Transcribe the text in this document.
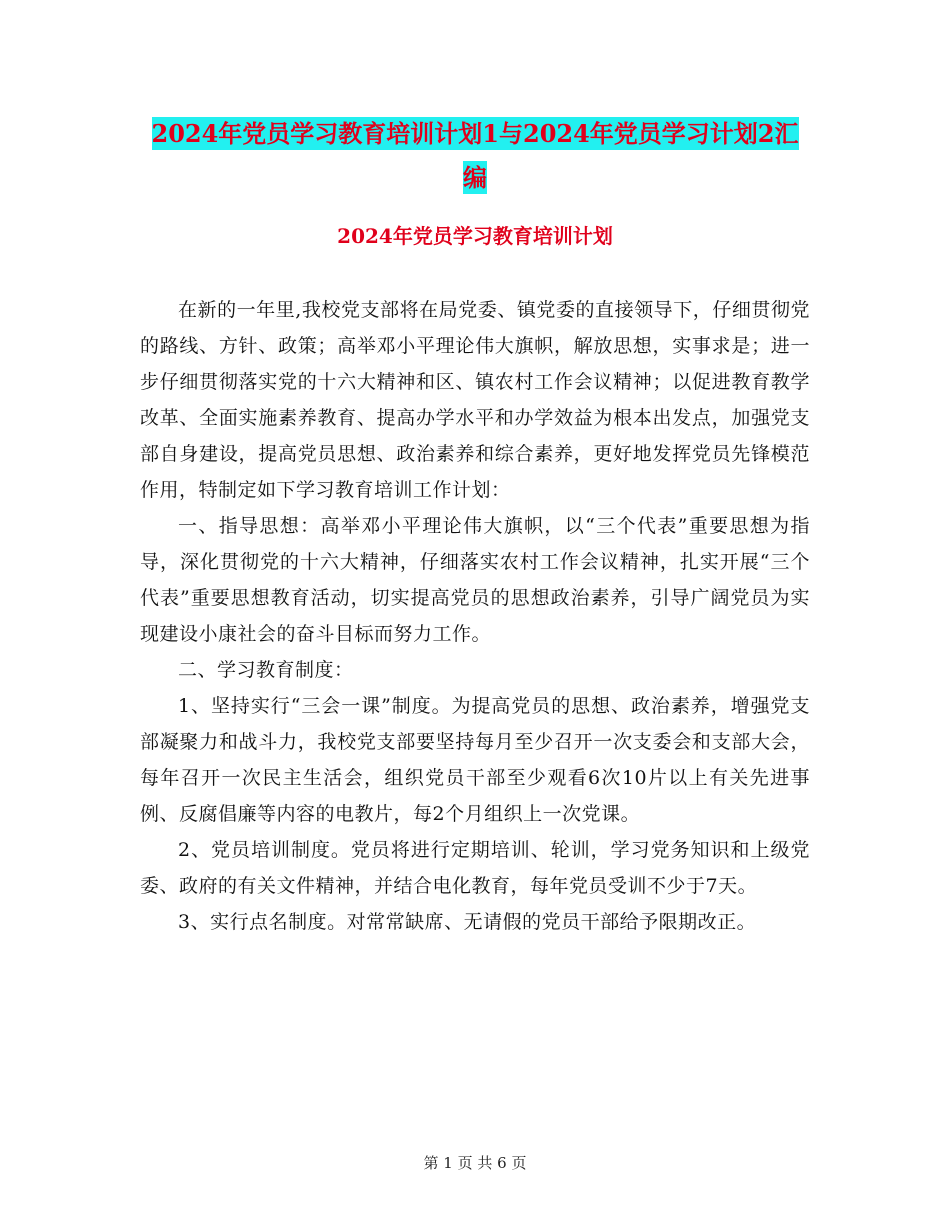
2024年党员学习教育培训计划1与2024年党员学习计划2汇编
2024年党员学习教育培训计划

在新的一年里,我校党支部将在局党委、镇党委的直接领导下，仔细贯彻党的路线、方针、政策；高举邓小平理论伟大旗帜，解放思想，实事求是；进一步仔细贯彻落实党的十六大精神和区、镇农村工作会议精神；以促进教育教学改革、全面实施素养教育、提高办学水平和办学效益为根本出发点，加强党支部自身建设，提高党员思想、政治素养和综合素养，更好地发挥党员先锋模范作用，特制定如下学习教育培训工作计划：

一、指导思想：高举邓小平理论伟大旗帜，以“三个代表”重要思想为指导，深化贯彻党的十六大精神，仔细落实农村工作会议精神，扎实开展“三个代表”重要思想教育活动，切实提高党员的思想政治素养，引导广阔党员为实现建设小康社会的奋斗目标而努力工作。

二、学习教育制度：

1、坚持实行“三会一课”制度。为提高党员的思想、政治素养，增强党支部凝聚力和战斗力，我校党支部要坚持每月至少召开一次支委会和支部大会，每年召开一次民主生活会，组织党员干部至少观看6次10片以上有关先进事例、反腐倡廉等内容的电教片，每2个月组织上一次党课。

2、党员培训制度。党员将进行定期培训、轮训，学习党务知识和上级党委、政府的有关文件精神，并结合电化教育，每年党员受训不少于7天。

3、实行点名制度。对常常缺席、无请假的党员干部给予限期改正。

第 1 页 共 6 页
